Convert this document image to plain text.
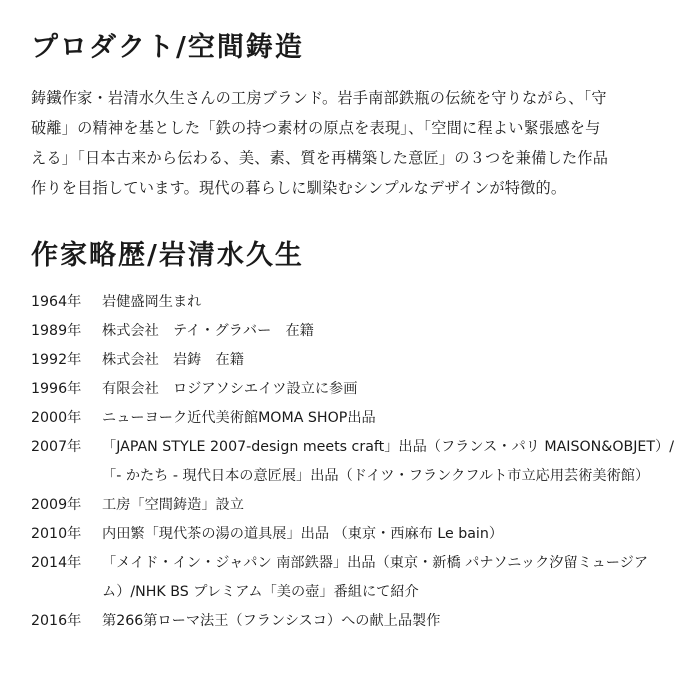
プロダクト/空間鋳造

鋳鐵作家・岩清水久生さんの工房ブランド。岩手南部鉄瓶の伝統を守りながら、「守
破離」の精神を基とした「鉄の持つ素材の原点を表現」、「空間に程よい緊張感を与
える」「日本古来から伝わる、美、素、質を再構築した意匠」の３つを兼備した作品
作りを目指しています。現代の暮らしに馴染むシンプルなデザインが特徴的。

作家略歴/岩清水久生
1964年	岩健盛岡生まれ
1989年	株式会社　テイ・グラバー　在籍
1992年	株式会社　岩鋳　在籍
1996年	有限会社　ロジアソシエイツ設立に参画
2000年	ニューヨーク近代美術館MOMA SHOP出品
2007年	「JAPAN STYLE 2007-design meets craft」出品（フランス・パリ MAISON&OBJET）/「- かたち - 現代日本の意匠展」出品（ドイツ・フランクフルト市立応用芸術美術館）
2009年	工房「空間鋳造」設立
2010年	内田繁「現代茶の湯の道具展」出品 （東京・西麻布 Le bain）
2014年	「メイド・イン・ジャパン 南部鉄器」出品（東京・新橋 パナソニック汐留ミュージアム）/NHK BS プレミアム「美の壺」番組にて紹介
2016年	第266第ローマ法王（フランシスコ）への献上品製作
